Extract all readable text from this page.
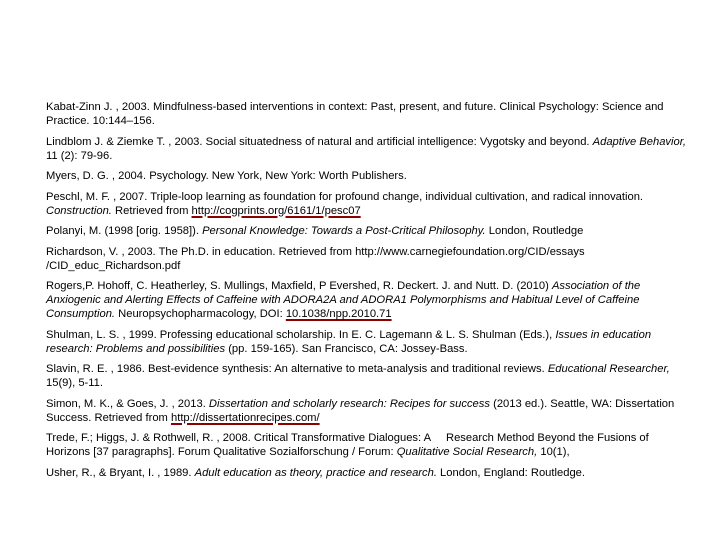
Kabat-Zinn J. , 2003. Mindfulness-based interventions in context: Past, present, and future. Clinical Psychology: Science and Practice. 10:144–156.

Lindblom J. & Ziemke T. , 2003. Social situatedness of natural and artificial intelligence: Vygotsky and beyond. Adaptive Behavior, 11 (2): 79-96.

Myers, D. G. , 2004. Psychology. New York, New York: Worth Publishers.

Peschl, M. F. , 2007. Triple-loop learning as foundation for profound change, individual cultivation, and radical innovation. Construction. Retrieved from http://cogprints.org/6161/1/pesc07

Polanyi, M. (1998 [orig. 1958]). Personal Knowledge: Towards a Post-Critical Philosophy. London, Routledge

Richardson, V. , 2003. The Ph.D. in education. Retrieved from http://www.carnegiefoundation.org/CID/essays /CID_educ_Richardson.pdf

Rogers,P. Hohoff, C. Heatherley, S. Mullings, Maxfield, P Evershed, R. Deckert. J. and Nutt. D. (2010) Association of the Anxiogenic and Alerting Effects of Caffeine with ADORA2A and ADORA1 Polymorphisms and Habitual Level of Caffeine Consumption. Neuropsychopharmacology, DOI: 10.1038/npp.2010.71

Shulman, L. S. , 1999. Professing educational scholarship. In E. C. Lagemann & L. S. Shulman (Eds.), Issues in education research: Problems and possibilities (pp. 159-165). San Francisco, CA: Jossey-Bass.

Slavin, R. E. , 1986. Best-evidence synthesis: An alternative to meta-analysis and traditional reviews. Educational Researcher, 15(9), 5-11.

Simon, M. K., & Goes, J. , 2013. Dissertation and scholarly research: Recipes for success (2013 ed.). Seattle, WA: Dissertation Success. Retrieved from http://dissertationrecipes.com/

Trede, F.; Higgs, J. & Rothwell, R. , 2008. Critical Transformative Dialogues: A     Research Method Beyond the Fusions of Horizons [37 paragraphs]. Forum Qualitative Sozialforschung / Forum: Qualitative Social Research, 10(1),

Usher, R., & Bryant, I. , 1989. Adult education as theory, practice and research. London, England: Routledge.
